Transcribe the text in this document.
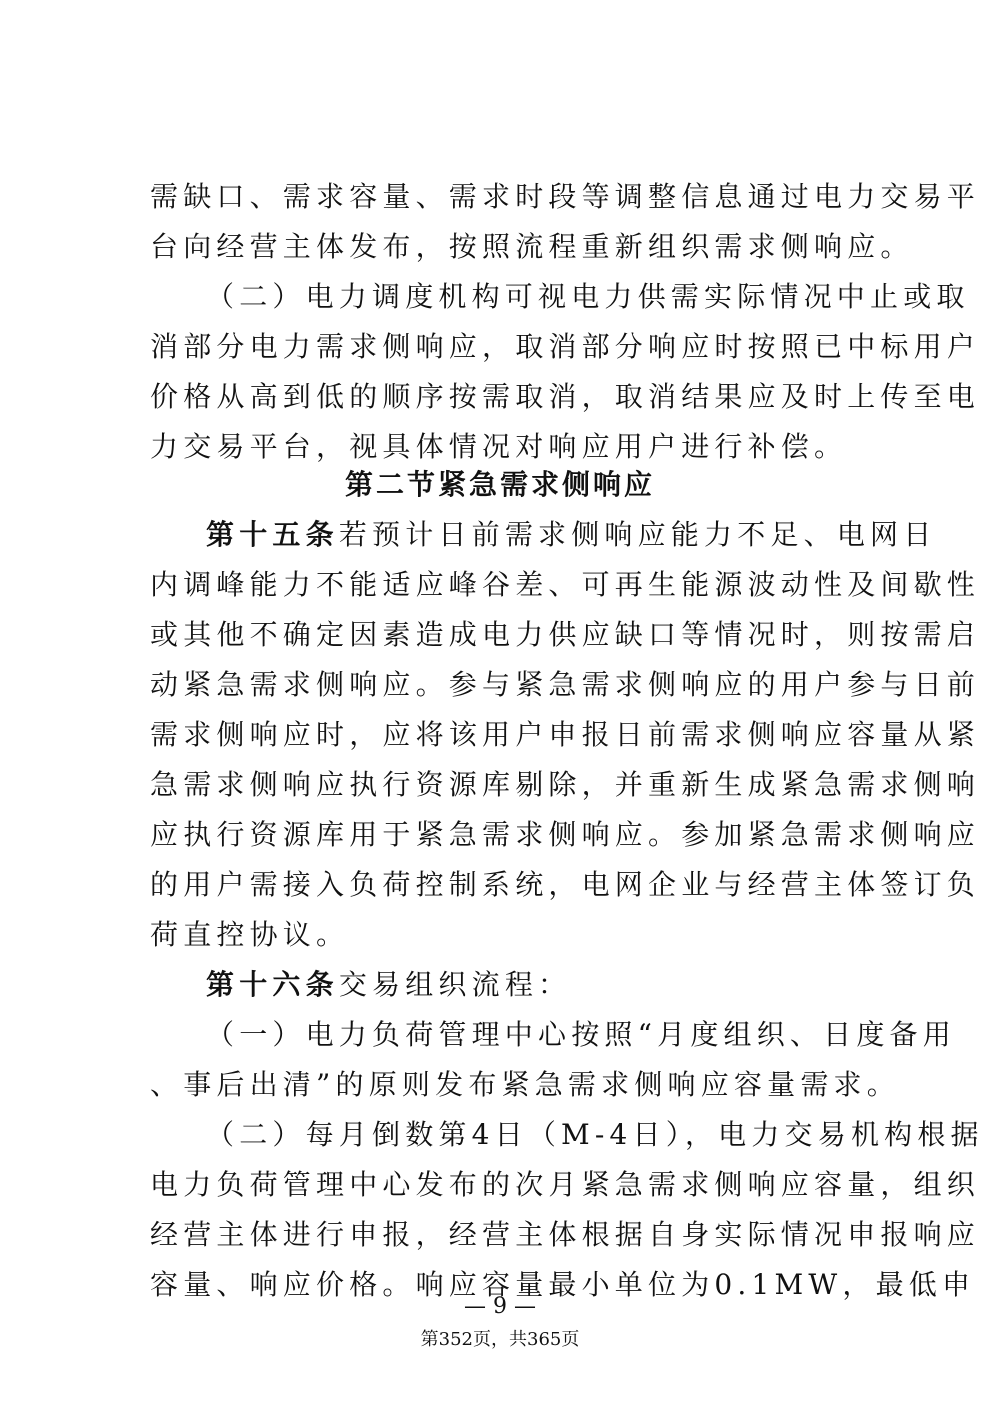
需缺口、需求容量、需求时段等调整信息通过电力交易平
台向经营主体发布，按照流程重新组织需求侧响应。
（二）电力调度机构可视电力供需实际情况中止或取
消部分电力需求侧响应，取消部分响应时按照已中标用户
价格从高到低的顺序按需取消，取消结果应及时上传至电
力交易平台，视具体情况对响应用户进行补偿。
第二节紧急需求侧响应
第十五条若预计日前需求侧响应能力不足、电网日
内调峰能力不能适应峰谷差、可再生能源波动性及间歇性
或其他不确定因素造成电力供应缺口等情况时，则按需启
动紧急需求侧响应。参与紧急需求侧响应的用户参与日前
需求侧响应时，应将该用户申报日前需求侧响应容量从紧
急需求侧响应执行资源库剔除，并重新生成紧急需求侧响
应执行资源库用于紧急需求侧响应。参加紧急需求侧响应
的用户需接入负荷控制系统，电网企业与经营主体签订负
荷直控协议。
第十六条交易组织流程：
（一）电力负荷管理中心按照“月度组织、日度备用
、事后出清”的原则发布紧急需求侧响应容量需求。
（二）每月倒数第4日（M-4日），电力交易机构根据
电力负荷管理中心发布的次月紧急需求侧响应容量，组织
经营主体进行申报，经营主体根据自身实际情况申报响应
容量、响应价格。响应容量最小单位为0.1MW，最低申
— 9 —
第352页，共365页
